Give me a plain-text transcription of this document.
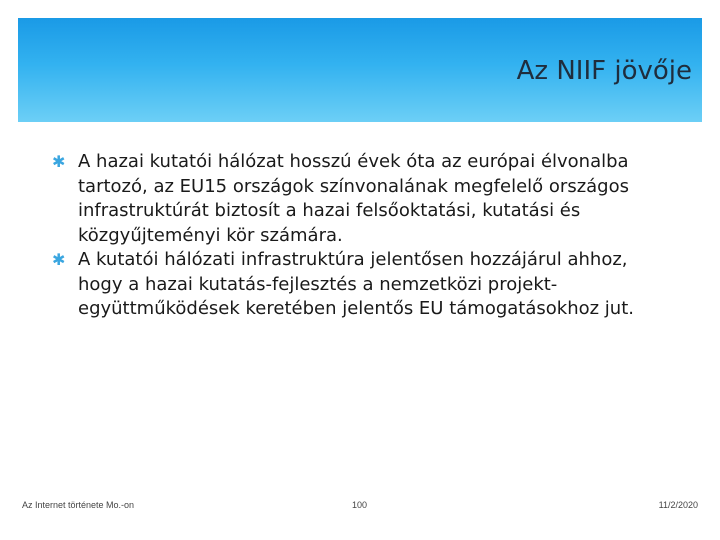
Az NIIF jövője
✱ A hazai kutatói hálózat hosszú évek óta az európai élvonalba tartozó, az EU15 országok színvonalának megfelelő országos infrastruktúrát biztosít a hazai felsőoktatási, kutatási és közgyűjteményi kör számára.
✱ A kutatói hálózati infrastruktúra jelentősen hozzájárul ahhoz, hogy a hazai kutatás-fejlesztés a nemzetközi projekt-együttműködések keretében jelentős EU támogatásokhoz jut.
Az Internet története Mo.-on	100	11/2/2020
